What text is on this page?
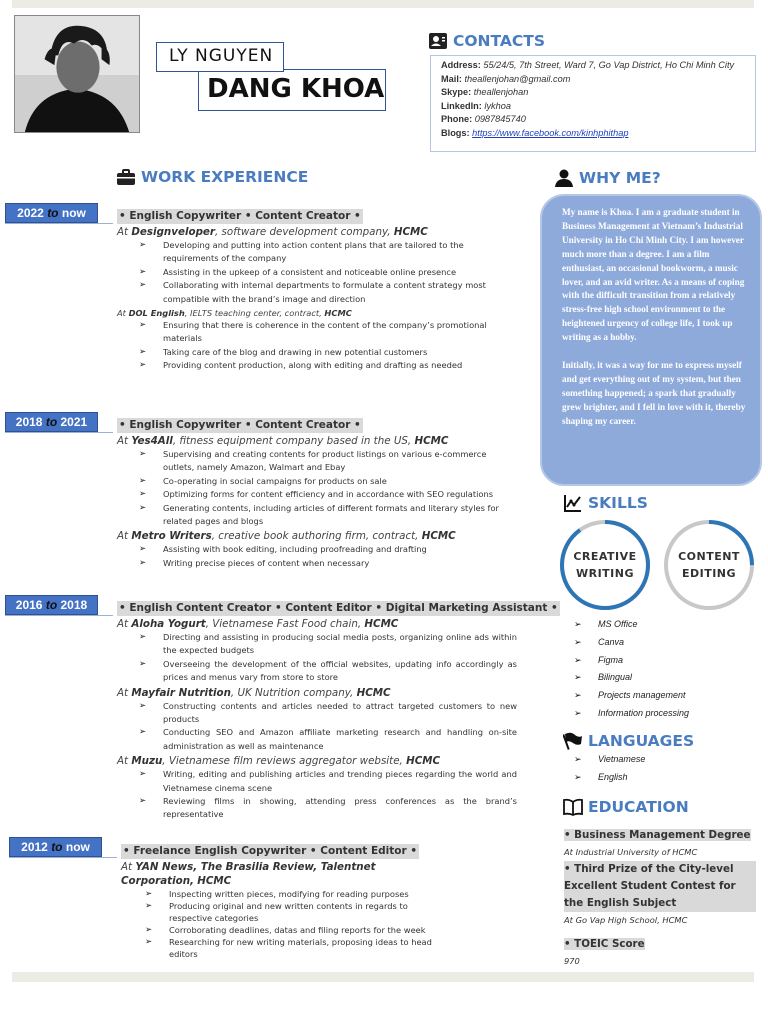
LY NGUYEN
DANG KHOA
CONTACTS
Address: 55/24/5, 7th Street, Ward 7, Go Vap District, Ho Chi Minh City
Mail: theallenjohan@gmail.com
Skype: theallenjohan
LinkedIn: lykhoa
Phone: 0987845740
Blogs: https://www.facebook.com/kinhphithap
WORK EXPERIENCE
2022 to now	• English Copywriter • Content Creator •
At Designveloper, software development company, HCMC
➢ Developing and putting into action content plans that are tailored to the requirements of the company
➢ Assisting in the upkeep of a consistent and noticeable online presence
➢ Collaborating with internal departments to formulate a content strategy most compatible with the brand’s image and direction
At DOL English, IELTS teaching center, contract, HCMC
➢ Ensuring that there is coherence in the content of the company’s promotional materials
➢ Taking care of the blog and drawing in new potential customers
➢ Providing content production, along with editing and drafting as needed
2018 to 2021	• English Copywriter • Content Creator •
At Yes4All, fitness equipment company based in the US, HCMC
➢ Supervising and creating contents for product listings on various e-commerce outlets, namely Amazon, Walmart and Ebay
➢ Co-operating in social campaigns for products on sale
➢ Optimizing forms for content efficiency and in accordance with SEO regulations
➢ Generating contents, including articles of different formats and literary styles for related pages and blogs
At Metro Writers, creative book authoring firm, contract, HCMC
➢ Assisting with book editing, including proofreading and drafting
➢ Writing precise pieces of content when necessary
2016 to 2018	• English Content Creator • Content Editor • Digital Marketing Assistant •
At Aloha Yogurt, Vietnamese Fast Food chain, HCMC
➢ Directing and assisting in producing social media posts, organizing online ads within the expected budgets
➢ Overseeing the development of the official websites, updating info accordingly as prices and menus vary from store to store
At Mayfair Nutrition, UK Nutrition company, HCMC
➢ Constructing contents and articles needed to attract targeted customers to new products
➢ Conducting SEO and Amazon affiliate marketing research and handling on-site administration as well as maintenance
At Muzu, Vietnamese film reviews aggregator website, HCMC
➢ Writing, editing and publishing articles and trending pieces regarding the world and Vietnamese cinema scene
➢ Reviewing films in showing, attending press conferences as the brand’s representative
2012 to now	• Freelance English Copywriter • Content Editor •
At YAN News, The Brasilia Review, Talentnet Corporation, HCMC
➢ Inspecting written pieces, modifying for reading purposes
➢ Producing original and new written contents in regards to respective categories
➢ Corroborating deadlines, datas and filing reports for the week
➢ Researching for new writing materials, proposing ideas to head editors
WHY ME?

My name is Khoa. I am a graduate student in Business Management at Vietnam’s Industrial University in Ho Chi Minh City. I am however much more than a degree. I am a film enthusiast, an occasional bookworm, a music lover, and an avid writer. As a means of coping with the difficult transition from a relatively stress-free high school environment to the heightened urgency of college life, I took up writing as a hobby.

Initially, it was a way for me to express myself and get everything out of my system, but then something happened; a spark that gradually grew brighter, and I fell in love with it, thereby shaping my career.

SKILLS
CREATIVE
WRITING
CONTENT
EDITING
➢ MS Office
➢ Canva
➢ Figma
➢ Bilingual
➢ Projects management
➢ Information processing
LANGUAGES
➢ Vietnamese
➢ English
EDUCATION
• Business Management Degree
At Industrial University of HCMC
• Third Prize of the City-level Excellent Student Contest for the English Subject
At Go Vap High School, HCMC
• TOEIC Score
970
